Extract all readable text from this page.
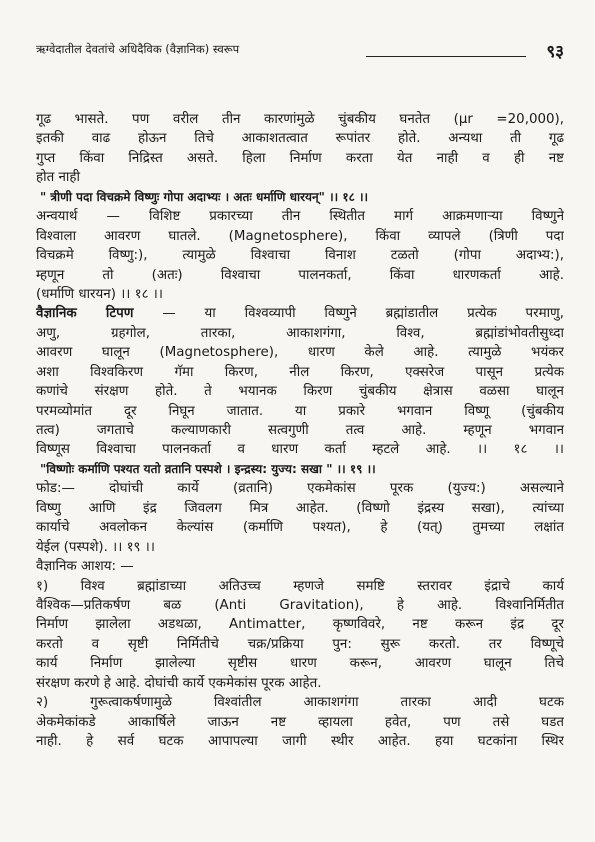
ऋग्वेदातील देवतांचे अधिदैविक (वैज्ञानिक) स्वरूप	९३
गूढ भासते. पण वरील तीन कारणांमुळे चुंबकीय घनतेत (µr =20,000),
इतकी वाढ होऊन तिचे आकाशतत्वात रूपांतर होते. अन्यथा ती गूढ
गुप्त किंवा निद्रिस्त असते. हिला निर्माण करता येत नाही व ही नष्ट
होत नाही
" त्रीणी पदा विचक्रमे विष्णुः गोपा अदाभ्यः । अतः धर्माणि धारयन्" ।। १८ ।।
अन्वयार्थ — विशिष्ट प्रकारच्या तीन स्थितीत मार्ग आक्रमणाऱ्या विष्णुने
विश्वाला आवरण घातले. (Magnetosphere), किंवा व्यापले (त्रिणी पदा
विचक्रमे विष्णु:), त्यामुळे विश्वाचा विनाश टळतो (गोपा अदाभ्य:),
म्हणून तो (अतः) विश्वाचा पालनकर्ता, किंवा धारणकर्ता आहे.
(धर्माणि धारयन) ।। १८ ।।
वैज्ञानिक टिपण — या विश्वव्यापी विष्णुने ब्रह्मांडातील प्रत्येक परमाणु,
अणु, ग्रहगोल, तारका, आकाशगंगा, विश्व, ब्रह्मांडांभोवतीसुध्दा
आवरण घालून (Magnetosphere), धारण केले आहे. त्यामुळे भयंकर
अशा विश्वकिरण गॅमा किरण, नील किरण, एक्सरेज पासून प्रत्येक
कणांचे संरक्षण होते. ते भयानक किरण चुंबकीय क्षेत्रास वळसा घालून
परमव्योमांत दूर निघून जातात. या प्रकारे भगवान विष्णू (चुंबकीय
तत्व) जगताचे कल्याणकारी सत्वगुणी तत्व आहे. म्हणून भगवान
विष्णूस विश्वाचा पालनकर्ता व धारण कर्ता म्हटले आहे. ।। १८ ।।
"विष्णोः कर्माणि पश्यत यतो व्रतानि पस्पशे । इन्द्रस्य: युज्य: सखा " ।। १९ ।।
फोड:— दोघांची कार्ये (व्रतानि) एकमेकांस पूरक (युज्य:) असल्याने
विष्णु आणि इंद्र जिवलग मित्र आहेत. (विष्णो इंद्रस्य सखा), त्यांच्या
कार्याचे अवलोकन केल्यांस (कर्माणि पश्यत), हे (यत्) तुमच्या लक्षांत
येईल (पस्पशे). ।। १९ ।।
वैज्ञानिक आशय: —
१) विश्व ब्रह्मांडाच्या अतिउच्च म्हणजे समष्टि स्तरावर इंद्राचे कार्य
वैश्विक—प्रतिकर्षण बळ (Anti Gravitation), हे आहे. विश्वानिर्मितीत
निर्माण झालेला अडथळा, Antimatter, कृष्णविवरे, नष्ट करून इंद्र दूर
करतो व सृष्टी निर्मितीचे चक्र/प्रक्रिया पुन: सुरू करतो. तर विष्णूचे
कार्य निर्माण झालेल्या सृष्टीस धारण करून, आवरण घालून तिचे
संरक्षण करणे हे आहे. दोघांची कार्ये एकमेकांस पूरक आहेत.
२) गुरूत्वाकर्षणामुळे विश्वांतील आकाशगंगा तारका आदी घटक
अेकमेकांकडे आकार्षिले जाऊन नष्ट व्हायला हवेत, पण तसे घडत
नाही. हे सर्व घटक आपापल्या जागी स्थीर आहेत. हया घटकांना स्थिर
